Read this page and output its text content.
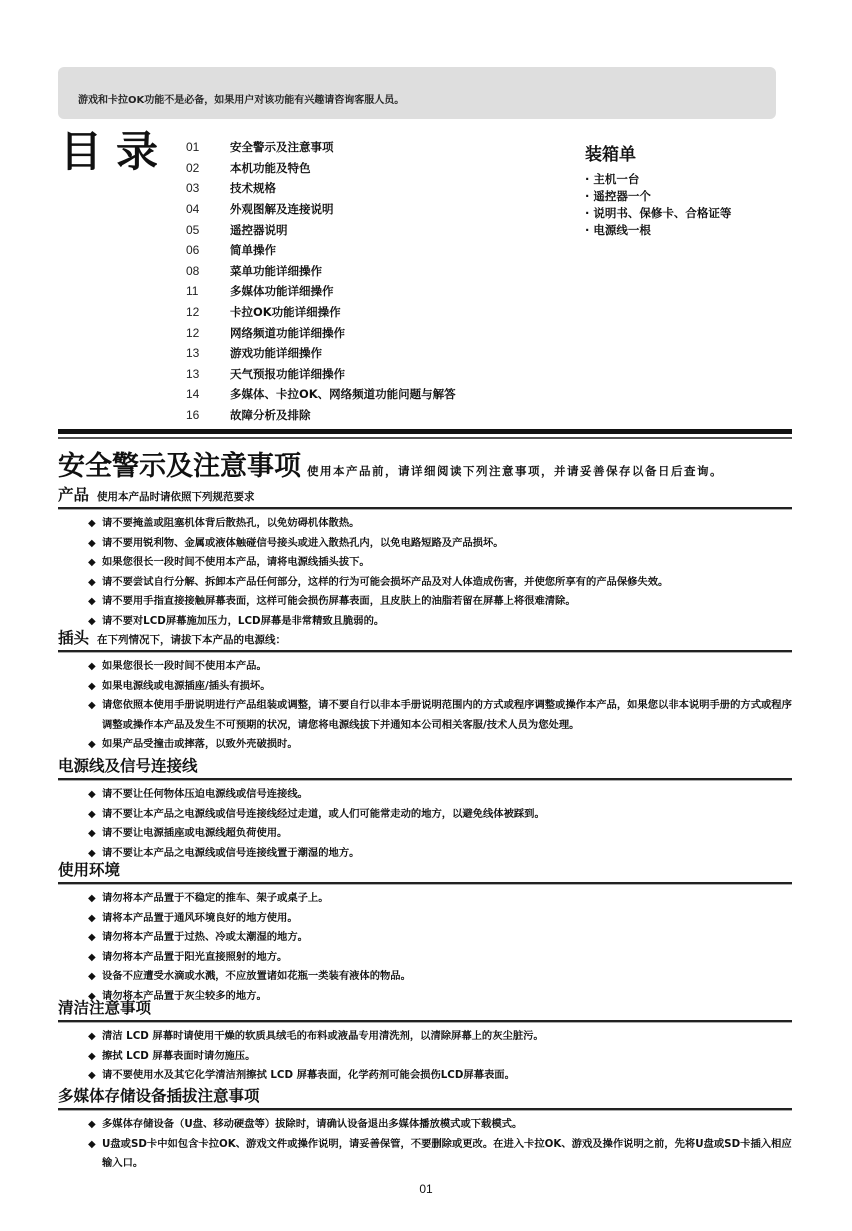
游戏和卡拉OK功能不是必备，如果用户对该功能有兴趣请咨询客服人员。
目录 01	安全警示及注意事项
02	本机功能及特色
03	技术规格
04	外观图解及连接说明
05	遥控器说明
06	简单操作
08	菜单功能详细操作
11	多媒体功能详细操作
12	卡拉OK功能详细操作
12	网络频道功能详细操作
13	游戏功能详细操作
13	天气预报功能详细操作
14	多媒体、卡拉OK、网络频道功能问题与解答
16	故障分析及排除
装箱单
· 主机一台
· 遥控器一个
· 说明书、保修卡、合格证等
· 电源线一根
安全警示及注意事项 使用本产品前，请详细阅读下列注意事项，并请妥善保存以备日后查询。
产品 使用本产品时请依照下列规范要求
◆ 请不要掩盖或阻塞机体背后散热孔，以免妨碍机体散热。
◆ 请不要用锐利物、金属或液体触碰信号接头或进入散热孔内，以免电路短路及产品损坏。
◆ 如果您很长一段时间不使用本产品，请将电源线插头拔下。
◆ 请不要尝试自行分解、拆卸本产品任何部分，这样的行为可能会损坏产品及对人体造成伤害，并使您所享有的产品保修失效。
◆ 请不要用手指直接接触屏幕表面，这样可能会损伤屏幕表面，且皮肤上的油脂若留在屏幕上将很难清除。
◆ 请不要对LCD屏幕施加压力，LCD屏幕是非常精致且脆弱的。
插头 在下列情况下，请拔下本产品的电源线：
◆ 如果您很长一段时间不使用本产品。
◆ 如果电源线或电源插座/插头有损坏。
◆ 请您依照本使用手册说明进行产品组装或调整，请不要自行以非本手册说明范围内的方式或程序调整或操作本产品，如果您以非本说明手册的方式或程序调整或操作本产品及发生不可预期的状况，请您将电源线拔下并通知本公司相关客服/技术人员为您处理。
◆ 如果产品受撞击或摔落，以致外壳破损时。
电源线及信号连接线
◆ 请不要让任何物体压迫电源线或信号连接线。
◆ 请不要让本产品之电源线或信号连接线经过走道，或人们可能常走动的地方，以避免线体被踩到。
◆ 请不要让电源插座或电源线超负荷使用。
◆ 请不要让本产品之电源线或信号连接线置于潮湿的地方。
使用环境
◆ 请勿将本产品置于不稳定的推车、架子或桌子上。
◆ 请将本产品置于通风环境良好的地方使用。
◆ 请勿将本产品置于过热、冷或太潮湿的地方。
◆ 请勿将本产品置于阳光直接照射的地方。
◆ 设备不应遭受水滴或水溅，不应放置诸如花瓶一类装有液体的物品。
◆ 请勿将本产品置于灰尘较多的地方。
清洁注意事项
◆ 清洁 LCD 屏幕时请使用干燥的软质具绒毛的布料或液晶专用清洗剂，以清除屏幕上的灰尘脏污。
◆ 擦拭 LCD 屏幕表面时请勿施压。
◆ 请不要使用水及其它化学清洁剂擦拭 LCD 屏幕表面，化学药剂可能会损伤LCD屏幕表面。
多媒体存储设备插拔注意事项
◆ 多媒体存储设备（U盘、移动硬盘等）拔除时，请确认设备退出多媒体播放模式或下载模式。
◆ U盘或SD卡中如包含卡拉OK、游戏文件或操作说明，请妥善保管，不要删除或更改。在进入卡拉OK、游戏及操作说明之前，先将U盘或SD卡插入相应输入口。
01
